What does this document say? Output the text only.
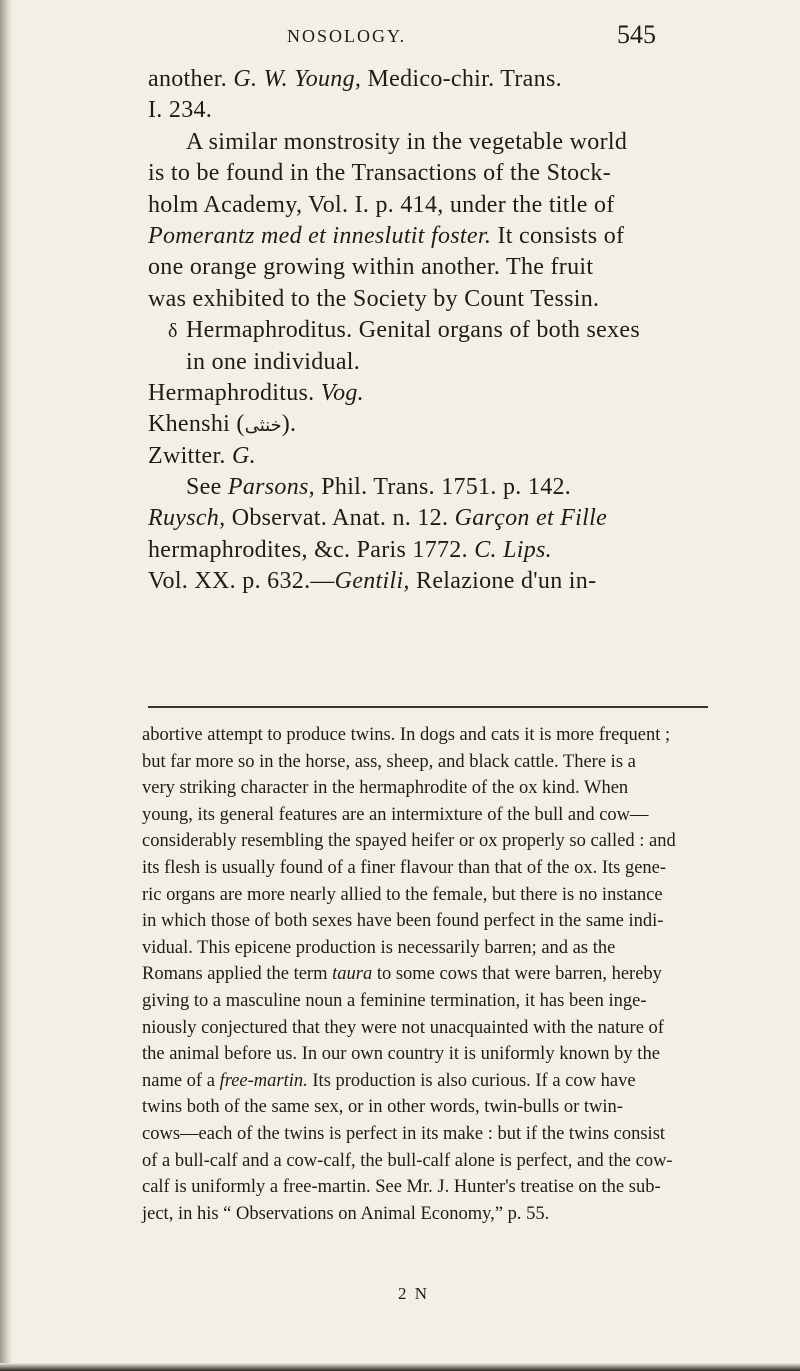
NOSOLOGY.	545
another. G. W. Young, Medico-chir. Trans.
I. 234.
A similar monstrosity in the vegetable world
is to be found in the Transactions of the Stock-
holm Academy, Vol. I. p. 414, under the title of
Pomerantz med et inneslutit foster. It consists of
one orange growing within another. The fruit
was exhibited to the Society by Count Tessin.
δ Hermaphroditus. Genital organs of both sexes
in one individual.
Hermaphroditus. Vog.
Khenshi (خنثى).
Zwitter. G.
See Parsons, Phil. Trans. 1751. p. 142.
Ruysch, Observat. Anat. n. 12. Garçon et Fille
hermaphrodites, &c. Paris 1772. C. Lips.
Vol. XX. p. 632.—Gentili, Relazione d'un in-
abortive attempt to produce twins. In dogs and cats it is more frequent ;
but far more so in the horse, ass, sheep, and black cattle. There is a
very striking character in the hermaphrodite of the ox kind. When
young, its general features are an intermixture of the bull and cow—
considerably resembling the spayed heifer or ox properly so called : and
its flesh is usually found of a finer flavour than that of the ox. Its gene-
ric organs are more nearly allied to the female, but there is no instance
in which those of both sexes have been found perfect in the same indi-
vidual. This epicene production is necessarily barren; and as the
Romans applied the term taura to some cows that were barren, hereby
giving to a masculine noun a feminine termination, it has been inge-
niously conjectured that they were not unacquainted with the nature of
the animal before us. In our own country it is uniformly known by the
name of a free-martin. Its production is also curious. If a cow have
twins both of the same sex, or in other words, twin-bulls or twin-
cows—each of the twins is perfect in its make : but if the twins consist
of a bull-calf and a cow-calf, the bull-calf alone is perfect, and the cow-
calf is uniformly a free-martin. See Mr. J. Hunter's treatise on the sub-
ject, in his “ Observations on Animal Economy,” p. 55.
2 N
